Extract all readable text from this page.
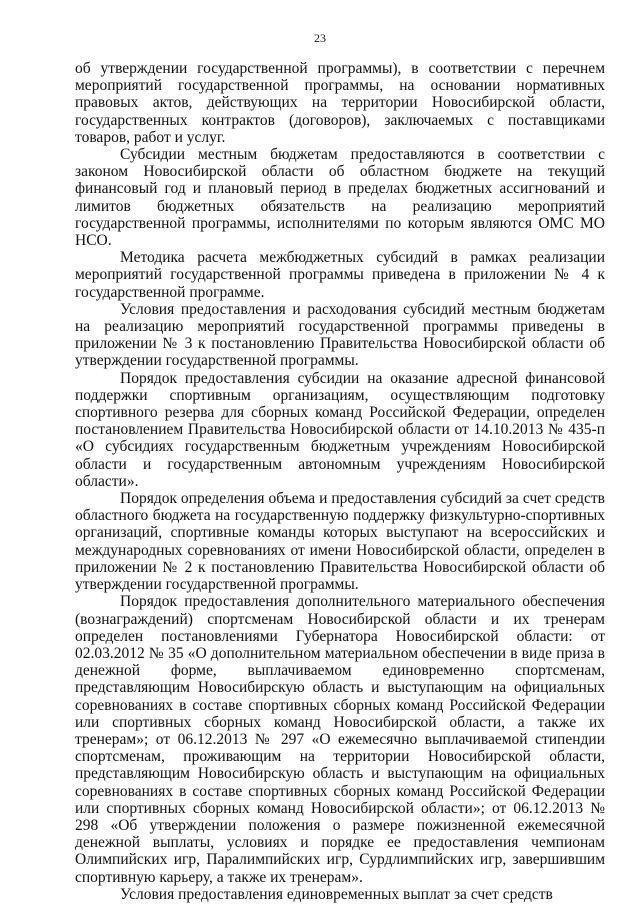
23

об утверждении государственной программы), в соответствии с перечнем мероприятий государственной программы, на основании нормативных правовых актов, действующих на территории Новосибирской области, государственных контрактов (договоров), заключаемых с поставщиками товаров, работ и услуг.

Субсидии местным бюджетам предоставляются в соответствии с законом Новосибирской области об областном бюджете на текущий финансовый год и плановый период в пределах бюджетных ассигнований и лимитов бюджетных обязательств на реализацию мероприятий государственной программы, исполнителями по которым являются ОМС МО НСО.

Методика расчета межбюджетных субсидий в рамках реализации мероприятий государственной программы приведена в приложении № 4 к государственной программе.

Условия предоставления и расходования субсидий местным бюджетам на реализацию мероприятий государственной программы приведены в приложении № 3 к постановлению Правительства Новосибирской области об утверждении государственной программы.

Порядок предоставления субсидии на оказание адресной финансовой поддержки спортивным организациям, осуществляющим подготовку спортивного резерва для сборных команд Российской Федерации, определен постановлением Правительства Новосибирской области от 14.10.2013 № 435-п «О субсидиях государственным бюджетным учреждениям Новосибирской области и государственным автономным учреждениям Новосибирской области».

Порядок определения объема и предоставления субсидий за счет средств областного бюджета на государственную поддержку физкультурно-спортивных организаций, спортивные команды которых выступают на всероссийских и международных соревнованиях от имени Новосибирской области, определен в приложении № 2 к постановлению Правительства Новосибирской области об утверждении государственной программы.

Порядок предоставления дополнительного материального обеспечения (вознаграждений) спортсменам Новосибирской области и их тренерам определен постановлениями Губернатора Новосибирской области: от 02.03.2012 № 35 «О дополнительном материальном обеспечении в виде приза в денежной форме, выплачиваемом единовременно спортсменам, представляющим Новосибирскую область и выступающим на официальных соревнованиях в составе спортивных сборных команд Российской Федерации или спортивных сборных команд Новосибирской области, а также их тренерам»; от 06.12.2013 № 297 «О ежемесячно выплачиваемой стипендии спортсменам, проживающим на территории Новосибирской области, представляющим Новосибирскую область и выступающим на официальных соревнованиях в составе спортивных сборных команд Российской Федерации или спортивных сборных команд Новосибирской области»; от 06.12.2013 № 298 «Об утверждении положения о размере пожизненной ежемесячной денежной выплаты, условиях и порядке ее предоставления чемпионам Олимпийских игр, Паралимпийских игр, Сурдлимпийских игр, завершившим спортивную карьеру, а также их тренерам».

Условия предоставления единовременных выплат за счет средств
